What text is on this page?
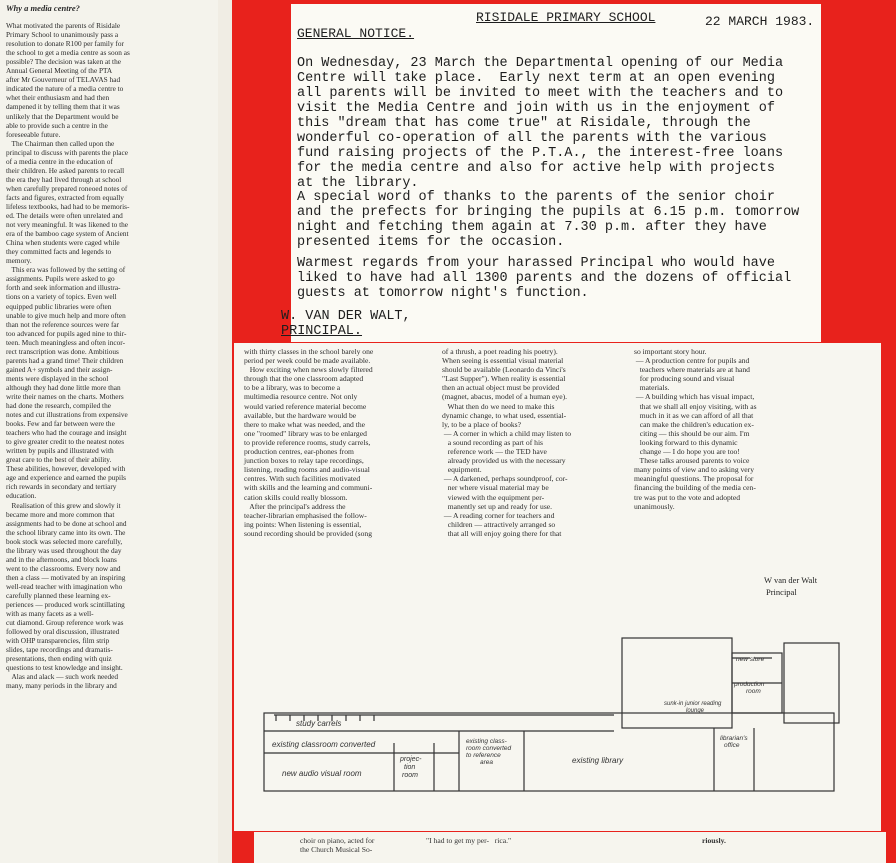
Why a media centre?
What motivated the parents of Risidale
Primary School to unanimously pass a
resolution to donate R100 per family for
the school to get a media centre as soon as
possible? The decision was taken at the
Annual General Meeting of the PTA
after Mr Gouverneur of TELAVAS had
indicated the nature of a media centre to
whet their enthusiasm and had then
dampened it by telling them that it was
unlikely that the Department would be
able to provide such a centre in the
foreseeable future.
The Chairman then called upon the
principal to discuss with parents the place
of a media centre in the education of
their children. He asked parents to recall
the era they had lived through at school
when carefully prepared roneoed notes of
facts and figures, extracted from equally
lifeless textbooks, had had to be memoris-
ed. The details were often unrelated and
not very meaningful. It was likened to the
era of the bamboo cage system of Ancient
China when students were caged while
they committed facts and legends to
memory.
This era was followed by the setting of
assignments. Pupils were asked to go
forth and seek information and illustra-
tions on a variety of topics. Even well
equipped public libraries were often
unable to give much help and more often
than not the reference sources were far
too advanced for pupils aged nine to thir-
teen. Much meaningless and often incor-
rect transcription was done. Ambitious
parents had a grand time! Their children
gained A+ symbols and their assign-
ments were displayed in the school
although they had done little more than
write their names on the charts. Mothers
had done the research, compiled the
notes and cut illustrations from expensive
books. Few and far between were the
teachers who had the courage and insight
to give greater credit to the neatest notes
written by pupils and illustrated with
great care to the best of their ability.
These abilities, however, developed with
age and experience and earned the pupils
rich rewards in secondary and tertiary
education.
Realisation of this grew and slowly it
became more and more common that
assignments had to be done at school and
the school library came into its own. The
book stock was selected more carefully,
the library was used throughout the day
and in the afternoons, and block loans
went to the classrooms. Every now and
then a class — motivated by an inspiring
well-read teacher with imagination who
carefully planned these learning ex-
periences — produced work scintillating
with as many facets as a well-
cut diamond. Group reference work was
followed by oral discussion, illustrated
with OHP transparencies, film strip
slides, tape recordings and dramatis-
presentations, then ending with quiz
questions to test knowledge and insight.
Alas and alack — such work needed
many, many periods in the library and
RISIDALE PRIMARY SCHOOL	22 MARCH 1983.
GENERAL NOTICE.
On Wednesday, 23 March the Departmental opening of our Media
Centre will take place.  Early next term at an open evening
all parents will be invited to meet with the teachers and to
visit the Media Centre and join with us in the enjoyment of
this "dream that has come true" at Risidale, through the
wonderful co-operation of all the parents with the various
fund raising projects of the P.T.A., the interest-free loans
for the media centre and also for active help with projects
at the library.
A special word of thanks to the parents of the senior choir
and the prefects for bringing the pupils at 6.15 p.m. tomorrow
night and fetching them again at 7.30 p.m. after they have
presented items for the occasion.
Warmest regards from your harassed Principal who would have
liked to have had all 1300 parents and the dozens of official
guests at tomorrow night's function.
W. VAN DER WALT,
PRINCIPAL.
with thirty classes in the school barely one
period per week could be made available.
How exciting when news slowly filtered
through that the one classroom adapted
to be a library, was to become a
multimedia resource centre. Not only
would varied reference material become
available, but the hardware would be
there to make what was needed, and the
one "roomed" library was to be enlarged
to provide reference rooms, study carrels,
production centres, ear-phones from
junction boxes to relay tape recordings,
listening, reading rooms and audio-visual
centres. With such facilities motivated
with skills and the learning and communi-
cation skills could really blossom.
After the principal's address the
teacher-librarian emphasised the follow-
ing points: When listening is essential,
sound recording should be provided (song
of a thrush, a poet reading his poetry).
When seeing is essential visual material
should be available (Leonardo da Vinci's
"Last Supper"). When reality is essential
then an actual object must be provided
(magnet, abacus, model of a human eye).
What then do we need to make this
dynamic change, to what used, essential-
ly, to be a place of books?
— A corner in which a child may listen to
a sound recording as part of his
reference work — the TED have
already provided us with the necessary
equipment.
— A darkened, perhaps soundproof, cor-
ner where visual material may be
viewed with the equipment per-
manently set up and ready for use.
— A reading corner for teachers and
children — attractively arranged so
that all will enjoy going there for that
so important story hour.
— A production centre for pupils and
teachers where materials are at hand
for producing sound and visual
materials.
— A building which has visual impact,
that we shall all enjoy visiting, with as
much in it as we can afford of all that
can make the children's education ex-
citing — this should be our aim. I'm
looking forward to this dynamic
change — I do hope you are too!
These talks aroused parents to voice
many points of view and to asking very
meaningful questions. The proposal for
financing the building of the media cen-
tre was put to the vote and adopted
unanimously.
W van der Walt
Principal
study carrels
existing classroom converted
new audio visual room
projec-tion room
existing class-room converted to reference area	existing library
librarian's office
sunk-in junior reading lounge
new store
production room
choir on piano, acted for
the Church Musical So-
"I had to get my per-   rica."	riously.
